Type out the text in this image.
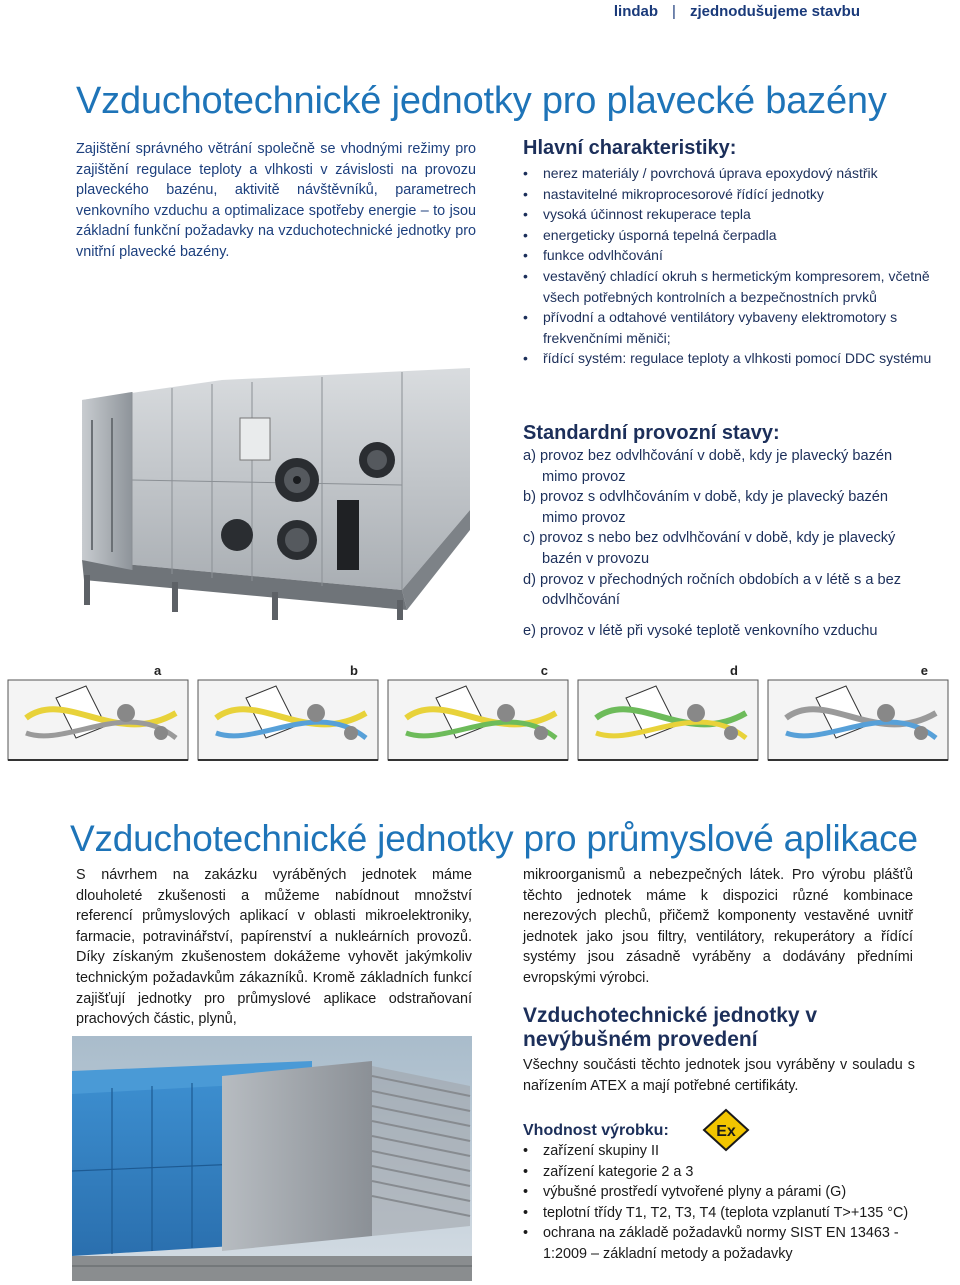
lindab | zjednodušujeme stavbu
Vzduchotechnické jednotky pro plavecké bazény

Zajištění správného větrání společně se vhodnými režimy pro zajištění regulace teploty a vlhkosti v závislosti na provozu plaveckého bazénu, aktivitě návštěvníků, parametrech venkovního vzduchu a optimalizace spotřeby energie – to jsou základní funkční požadavky na vzduchotechnické jednotky pro vnitřní plavecké bazény.

Hlavní charakteristiky:
• nerez materiály / povrchová úprava epoxydový nástřik
• nastavitelné mikroprocesorové řídící jednotky
• vysoká účinnost rekuperace tepla
• energeticky úsporná tepelná čerpadla
• funkce odvlhčování
• vestavěný chladící okruh s hermetickým kompresorem, včetně všech potřebných kontrolních a bezpečnostních prvků
• přívodní a odtahové ventilátory vybaveny elektromotory s frekvenčními měniči;
• řídící systém: regulace teploty a vlhkosti pomocí DDC systému
Standardní provozní stavy:
a) provoz bez odvlhčování v době, kdy je plavecký bazén mimo provoz
b) provoz s odvlhčováním v době, kdy je plavecký bazén mimo provoz
c) provoz s nebo bez odvlhčování v době, kdy je plavecký bazén v provozu
d) provoz v přechodných ročních obdobích a v létě s a bez odvlhčování
e) provoz v létě při vysoké teplotě venkovního vzduchu
a	b	c	d	e
Vzduchotechnické jednotky pro průmyslové aplikace

S návrhem na zakázku vyráběných jednotek máme dlouholeté zkušenosti a můžeme nabídnout množství referencí průmyslových aplikací v oblasti mikroelektroniky, farmacie, potravinářství, papírenství a nukleárních provozů. Díky získaným zkušenostem dokážeme vyhovět jakýmkoliv technickým požadavkům zákazníků. Kromě základních funkcí zajišťují jednotky pro průmyslové aplikace odstraňovaní prachových částic, plynů,

mikroorganismů a nebezpečných látek. Pro výrobu plášťů těchto jednotek máme k dispozici různé kombinace nerezových plechů, přičemž komponenty vestavěné uvnitř jednotek jako jsou filtry, ventilátory, rekuperátory a řídící systémy jsou zásadně vyráběny a dodávány předními evropskými výrobci.

Vzduchotechnické jednotky v nevýbušném provedení

Všechny součásti těchto jednotek jsou vyráběny v souladu s nařízením ATEX a mají potřebné certifikáty.

Vhodnost výrobku:	Ex
• zařízení skupiny II
• zařízení kategorie 2 a 3
• výbušné prostředí vytvořené plyny a párami (G)
• teplotní třídy T1, T2, T3, T4 (teplota vzplanutí T>+135 °C)
• ochrana na základě požadavků normy SIST EN 13463 - 1:2009 – základní metody a požadavky
